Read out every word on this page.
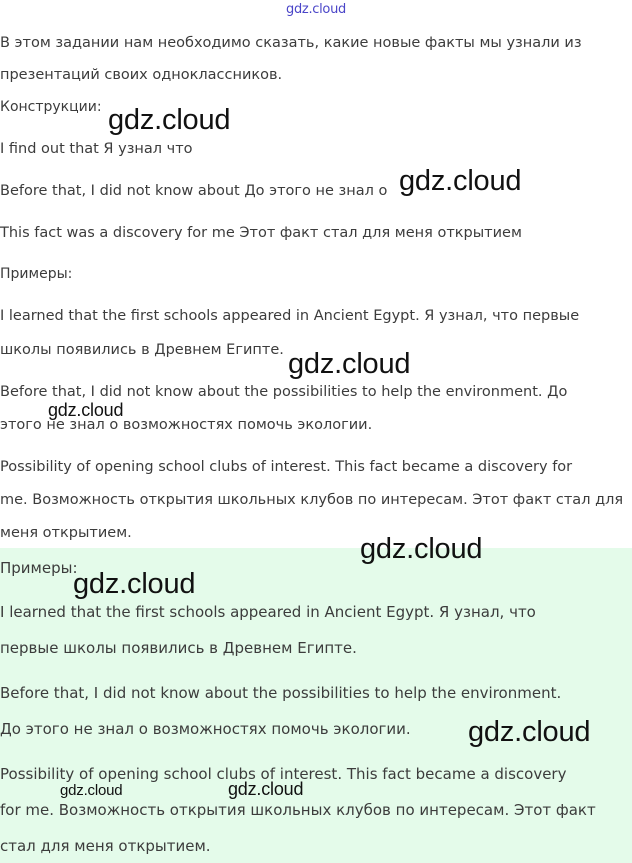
gdz.cloud
В этом задании нам необходимо сказать, какие новые факты мы узнали из
презентаций своих одноклассников.
Конструкции:
I find out that Я узнал что
Before that, I did not know about До этого не знал о
This fact was a discovery for me Этот факт стал для меня открытием
Примеры:
I learned that the first schools appeared in Ancient Egypt. Я узнал, что первые
школы появились в Древнем Египте.
Before that, I did not know about the possibilities to help the environment. До
этого не знал о возможностях помочь экологии.
Possibility of opening school clubs of interest. This fact became a discovery for
me. Возможность открытия школьных клубов по интересам. Этот факт стал для
меня открытием.
Примеры:
I learned that the first schools appeared in Ancient Egypt. Я узнал, что
первые школы появились в Древнем Египте.
Before that, I did not know about the possibilities to help the environment.
До этого не знал о возможностях помочь экологии.
Possibility of opening school clubs of interest. This fact became a discovery
for me. Возможность открытия школьных клубов по интересам. Этот факт
стал для меня открытием.
gdz.cloud
gdz.cloud
gdz.cloud
gdz.cloud
gdz.cloud
gdz.cloud
gdz.cloud
gdz.cloud	gdz.cloud
